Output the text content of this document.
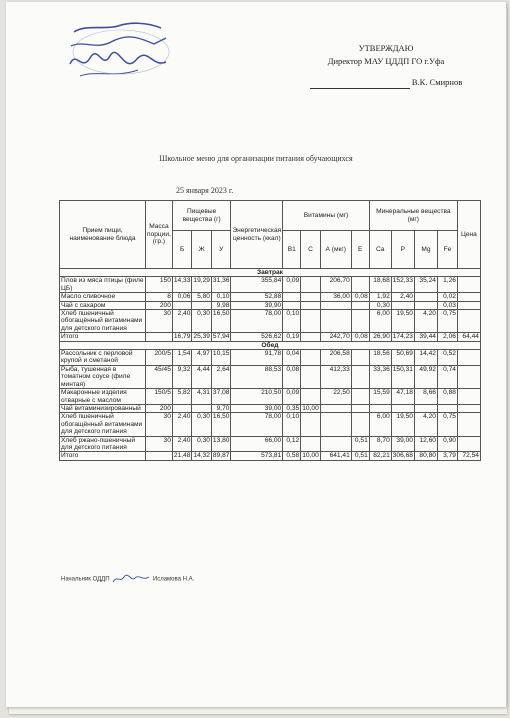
УТВЕРЖДАЮ
Директор МАУ ЦДДП ГО г.Уфа
В.К. Смирнов
Школьное меню для организации питания обучающихся
25 января 2023 г.
Прием пищи, наименование блюда	Масса порции, (гр.)	Пищевые вещества (г)			Энергетическая ценность (ккал)	Витамины (мг)				Минеральные вещества (мг)				Цена
		Б	Ж	У		В1	С	А (мкг)	Е	Ca	P	Mg	Fe	
Завтрак														
Плов из мяса птицы (филе ЦБ)	150	14,33	19,29	31,36	355,84	0,09		206,70		18,68	152,33	35,24	1,26	
Масло сливочное	8	0,06	5,80	0,10	52,88			36,00	0,08	1,92	2,40		0,02	
Чай с сахаром	200			9,98	39,90					0,30			0,03	
Хлеб пшеничный обогащённый витаминами для детского питания	30	2,40	0,30	16,50	78,00	0,10				6,00	19,50	4,20	0,75	
Итого		16,79	25,39	57,94	526,62	0,19		242,70	0,08	26,90	174,23	39,44	2,06	64,44
Обед														
Рассольник с перловой крупой и сметаной	200/5	1,54	4,97	10,15	91,78	0,04		206,58		18,56	50,69	14,42	0,52	
Рыба, тушенная в томатном соусе (филе минтая)	45/45	9,32	4,44	2,64	88,53	0,08		412,33		33,36	150,31	49,92	0,74	
Макаронные изделия отварные с маслом	150/5	5,82	4,31	37,08	210,50	0,09		22,50		15,59	47,18	8,66	0,88	
Чай витаминизированный	200			9,70	39,00	0,35	10,00							
Хлеб пшеничный обогащённый витаминами для детского питания	30	2,40	0,30	16,50	78,00	0,10				6,00	19,50	4,20	0,75	
Хлеб ржано-пшеничный для детского питания	30	2,40	0,30	13,80	66,00	0,12			0,51	8,70	39,00	12,60	0,90	
Итого		21,48	14,32	89,87	573,81	0,58	10,00	641,41	0,51	82,21	306,68	80,80	3,79	72,54
Начальник ОДДП	Исламова Н.А.
